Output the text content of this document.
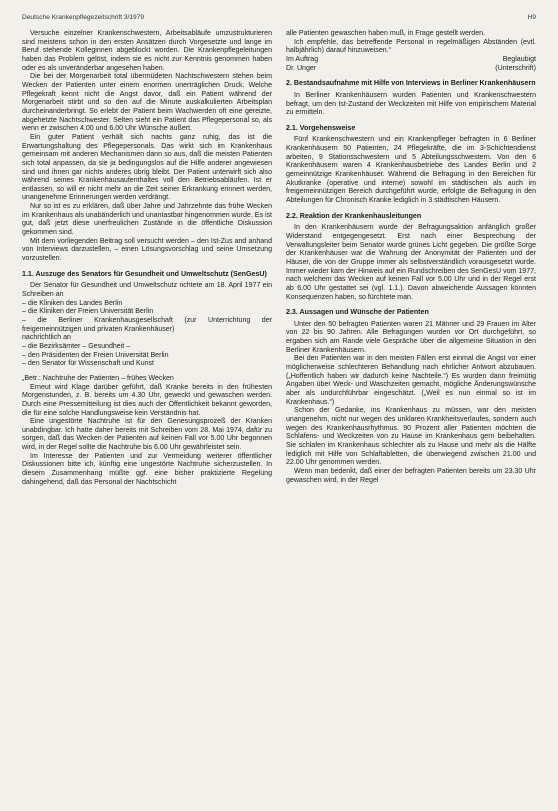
Deutsche Krankenpflegezeitschrift 3/1979	H9

Versuche einzelner Krankenschwestern, Arbeitsabläufe umzustrukturieren sind meistens schon in den ersten Ansätzen durch Vorgesetzte und lange im Beruf stehende Kolleginnen abgeblockt worden. Die Krankenpflegeleitungen haben das Problem gelöst, indem sie es nicht zur Kenntnis genommen haben oder es als unveränderbar angesehen haben.

Die bei der Morgenarbeit total übermüdeten Nachtschwestern stehen beim Wecken der Patienten unter einem enormen unerträglichen Druck. Welche Pflegekraft kennt nicht die Angst davor, daß ein Patient während der Morgenarbeit stirbt und so den auf die Minute auskalkulierten Arbeitsplan durcheinanderbringt. So erlebt der Patient beim Wachwerden oft eine gereizte, abgehetzte Nachtschwester. Selten sieht ein Patient das Pflegepersonal so, als wenn er zwischen 4.00 und 6.00 Uhr Wünsche äußert.

Ein guter Patient verhält sich nachts ganz ruhig, das ist die Erwartungshaltung des Pflegepersonals. Das wirkt sich im Krankenhaus gemeinsam mit anderen Mechanismen dann so aus, daß die meisten Patienten sich total anpassen, da sie ja bedingungslos auf die Hilfe anderer angewiesen sind und ihnen gar nichts anderes übrig bleibt. Der Patient unterwirft sich also während seines Krankenhausaufenthaltes voll den Betriebsabläufen. Ist er entlassen, so will er nicht mehr an die Zeit seiner Erkrankung erinnert werden, unangenehme Erinnerungen werden verdrängt.

Nur so ist es zu erklären, daß über Jahre und Jahrzehnte das frühe Wecken im Krankenhaus als unabänderlich und unantastbar hingenommen wurde. Es ist gut, daß jetzt diese unerfreulichen Zustände in die öffentliche Diskussion gekommen sind.

Mit dem vorliegenden Beitrag soll versucht werden – den Ist-Zus and anhand von Interviews darzustellen, – einen Lösungsvorschlag und seine Umsetzung vorzustellen.

1.1. Auszuge des Senators für Gesundheit und Umweltschutz (SenGesU)

Der Senator für Gesundheit und Umweltschutz richtete am 18. April 1977 ein Schreiben an

– die Kliniken des Landes Berlin

– die Kliniken der Freien Universität Berlin

– die Berliner Krankenhausgesellschaft (zur Unterrichtung der freigemeinnützigen und privaten Krankenhäuser)

nachrichtlich an

– die Bezirksämter – Gesundheit –

– den Präsidenten der Freien Universität Berlin

– den Senator für Wissenschaft und Kunst

„Betr.: Nachtruhe der Patienten – frühes Wecken

Erneut wird Klage darüber geführt, daß Kranke bereits in den frühesten Morgenstunden, z. B. bereits um 4.30 Uhr, geweckt und gewaschen werden. Durch eine Pressemitteilung ist dies auch der Öffentlichkeit bekannt geworden, die für eine solche Handlungsweise kein Verständnis hat.

Eine ungestörte Nachtruhe ist für den Genesungsprozeß der Kranken unabdingbar. Ich hatte daher bereits mit Schreiben vom 28. Mai 1974, dafür zu sorgen, daß das Wecken der Patienten auf keinen Fall vor 5.00 Uhr begonnen wird, in der Regel sollte die Nachtruhe bis 6.00 Uhr gewährleistet sein.

Im Interesse der Patienten und zur Vermeidung weiterer öffentlicher Diskussionen bitte ich, künftig eine ungestörte Nachtruhe sicherzustellen. In diesem Zusammenhang müßte ggf. eine bisher praktizierte Regelung dahingehend, daß das Personal der Nachtschicht

alle Patienten gewaschen haben muß, in Frage gestellt werden.

Ich empfehle, das betreffende Personal in regelmäßigen Abständen (evtl. halbjährlich) darauf hinzuweisen.“

Im Auftrag	Beglaubigt
Dr. Unger	(Unterschrift)
2. Bestandsaufnahme mit Hilfe von Interviews in Berliner Krankenhäusern

In Berliner Krankenhäusern wurden Patienten und Krankenschwestern befragt, um den Ist-Zustand der Weckzeiten mit Hilfe von empirischem Material zu ermitteln.

2.1. Vorgehensweise

Fünf Krankenschwestern und ein Krankenpfleger befragten in 6 Berliner Krankenhäusern 50 Patienten, 24 Pflegekräfte, die im 3-Schichtendienst arbeiten, 9 Stationsschwestern und 5 Abteilungsschwestern. Von den 6 Krankenhäusern waren 4 Krankenhausbetriebe des Landes Berlin und 2 gemeinnützige Krankenhäuser. Während die Befragung in den Bereichen für Akutkranke (operative und interne) sowohl im städtischen als auch im freigemeinnützigen Bereich durchgeführt wurde, erfolgte die Befragung in den Abteilungen für Chronisch Kranke lediglich in 3 städtischen Häusern.

2.2. Reaktion der Krankenhausleitungen

In den Krankenhäusern wurde der Befragungsaktion anfänglich großer Widerstand entgegengesetzt. Erst nach einer Besprechung der Verwaltungsleiter beim Senator wurde grünes Licht gegeben. Die größte Sorge der Krankenhäuser war die Wahrung der Anonymität der Patienten und der Häuser, die von der Gruppe immer als selbstverständlich vorausgesetzt wurde. Immer wieder kam der Hinweis auf ein Rundschreiben des SenGesU vom 1977, nach welchem das Wecken auf keinen Fall vor 5.00 Uhr und in der Regel erst ab 6.00 Uhr gestattet sei (vgl. 1.1.). Davon abweichende Aussagen könnten Konsequenzen haben, so fürchtete man.

2.3. Aussagen und Wünsche der Patienten

Unter den 50 befragten Patienten waren 21 Männer und 29 Frauen im Alter von 22 bis 90 Jahren. Alle Befragungen wurden vor Ort durchgeführt, so ergaben sich am Rande viele Gespräche über die allgemeine Situation in den Berliner Krankenhäusern.

Bei den Patienten war in den meisten Fällen erst einmal die Angst vor einer möglicherweise schlechteren Behandlung nach ehrlicher Antwort abzubauen. („Hoffentlich haben wir dadurch keine Nachteile.“) Es wurden dann freimütig Angaben über Weck- und Waschzeiten gemacht, mögliche Änderungswünsche aber als undurchführbar eingeschätzt. („Weil es nun einmal so ist im Krankenhaus.“)

Schon der Gedanke, ins Krankenhaus zu müssen, war den meisten unangenehm, nicht nur wegen des unklaren Krankheitsverlaufes, sondern auch wegen des Krankenhausrhythmus. 90 Prozent aller Patienten möchten die Schlafens- und Weckzeiten von zu Hause im Krankenhaus gern beibehalten. Sie schlafen im Krankenhaus schlechter als zu Hause und mehr als die Hälfte lediglich mit Hilfe von Schlaftabletten, die überwiegend zwischen 21.00 und 22.00 Uhr genommen werden.

Wenn man bedenkt, daß einer der befragten Patienten bereits um 23.30 Uhr gewaschen wird, in der Regel
